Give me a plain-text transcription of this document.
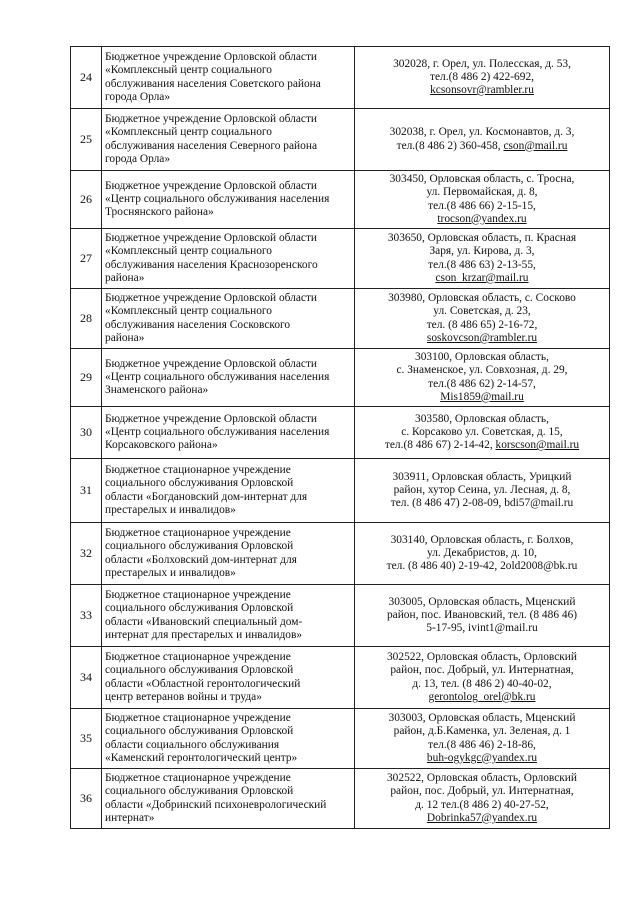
24	Бюджетное учреждение Орловской области
«Комплексный центр социального
обслуживания населения Советского района
города Орла»	302028, г. Орел, ул. Полесская, д. 53,
тел.(8 486 2) 422-692,
kcsonsovr@rambler.ru

25	Бюджетное учреждение Орловской области
«Комплексный центр социального
обслуживания населения Северного района
города Орла»	302038, г. Орел, ул. Космонавтов, д. 3,
тел.(8 486 2) 360-458, cson@mail.ru

26	Бюджетное учреждение Орловской области
«Центр социального обслуживания населения
Троснянского района»	303450, Орловская область, с. Тросна,
ул. Первомайская, д. 8,
тел.(8 486 66) 2-15-15,
trocson@yandex.ru

27	Бюджетное учреждение Орловской области
«Комплексный центр социального
обслуживания населения Краснозоренского
района»	303650, Орловская область, п. Красная
Заря, ул. Кирова, д. 3,
тел.(8 486 63) 2-13-55,
cson_krzar@mail.ru

28	Бюджетное учреждение Орловской области
«Комплексный центр социального
обслуживания населения Сосковского
района»	303980, Орловская область, с. Сосково
ул. Советская, д. 23,
тел. (8 486 65) 2-16-72,
soskovcson@rambler.ru

29	Бюджетное учреждение Орловской области
«Центр социального обслуживания населения
Знаменского района»	303100, Орловская область,
с. Знаменское, ул. Совхозная, д. 29,
тел.(8 486 62) 2-14-57,
Mis1859@mail.ru

30	Бюджетное учреждение Орловской области
«Центр социального обслуживания населения
Корсаковского района»	303580, Орловская область,
с. Корсаково ул. Советская, д. 15,
тел.(8 486 67) 2-14-42, korscson@mail.ru

31	Бюджетное стационарное учреждение
социального обслуживания Орловской
области «Богдановский дом-интернат для
престарелых и инвалидов»	303911, Орловская область, Урицкий
район, хутор Сеина, ул. Лесная, д. 8,
тел. (8 486 47) 2-08-09, bdi57@mail.ru

32	Бюджетное стационарное учреждение
социального обслуживания Орловской
области «Болховский дом-интернат для
престарелых и инвалидов»	303140, Орловская область, г. Болхов,
ул. Декабристов, д. 10,
тел. (8 486 40) 2-19-42, 2old2008@bk.ru

33	Бюджетное стационарное учреждение
социального обслуживания Орловской
области «Ивановский специальный дом-
интернат для престарелых и инвалидов»	303005, Орловская область, Мценский
район, пос. Ивановский, тел. (8 486 46)
5-17-95, ivint1@mail.ru

34	Бюджетное стационарное учреждение
социального обслуживания Орловской
области «Областной геронтологический
центр ветеранов войны и труда»	302522, Орловская область, Орловский
район, пос. Добрый, ул. Интернатная,
д. 13, тел. (8 486 2) 40-40-02,
gerontolog_orel@bk.ru

35	Бюджетное стационарное учреждение
социального обслуживания Орловской
области социального обслуживания
«Каменский геронтологический центр»	303003, Орловская область, Мценский
район, д.Б.Каменка, ул. Зеленая, д. 1
тел.(8 486 46) 2-18-86,
buh-ogykgc@yandex.ru

36	Бюджетное стационарное учреждение
социального обслуживания Орловской
области «Добринский психоневрологический
интернат»	302522, Орловская область, Орловский
район, пос. Добрый, ул. Интернатная,
д. 12 тел.(8 486 2) 40-27-52,
Dobrinka57@yandex.ru
